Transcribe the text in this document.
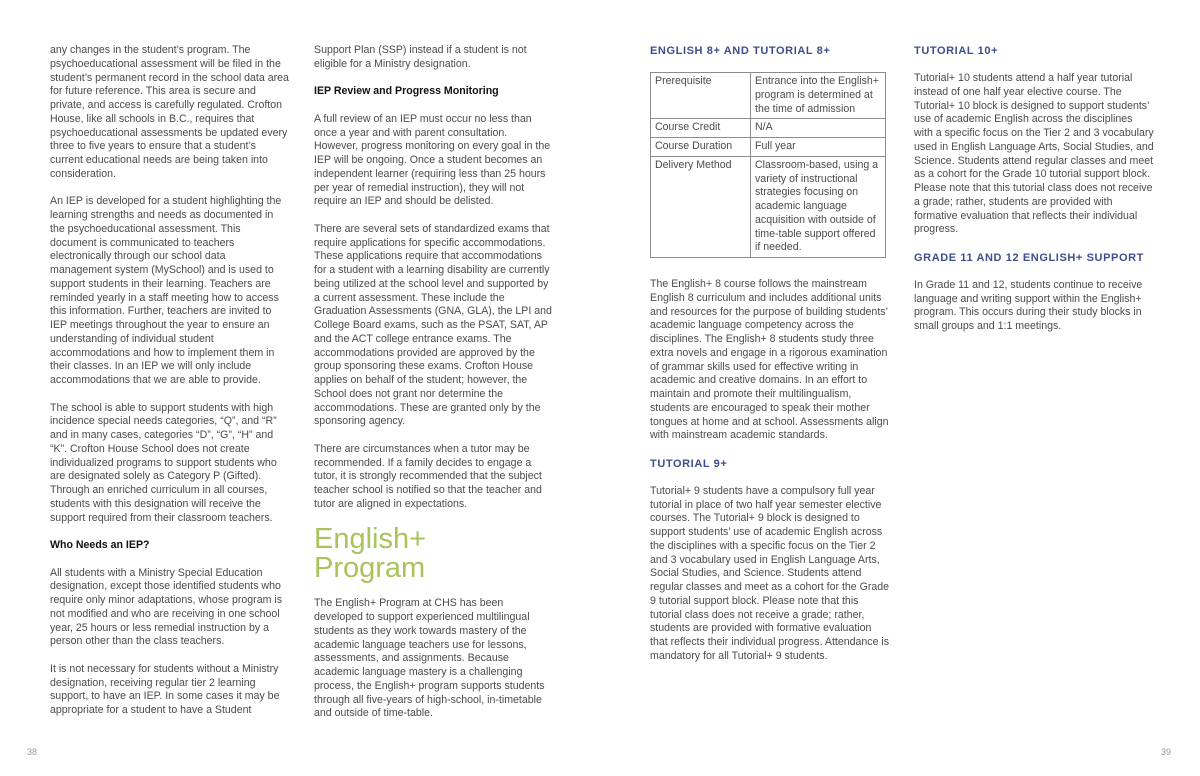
any changes in the student’s program. The psychoeducational assessment will be filed in the student’s permanent record in the school data area for future reference. This area is secure and private, and access is carefully regulated. Crofton House, like all schools in B.C., requires that psychoeducational assessments be updated every three to five years to ensure that a student’s current educational needs are being taken into consideration.

An IEP is developed for a student highlighting the learning strengths and needs as documented in the psychoeducational assessment. This document is communicated to teachers electronically through our school data management system (MySchool) and is used to support students in their learning. Teachers are reminded yearly in a staff meeting how to access this information. Further, teachers are invited to IEP meetings throughout the year to ensure an understanding of individual student accommodations and how to implement them in their classes. In an IEP we will only include accommodations that we are able to provide.

The school is able to support students with high incidence special needs categories, “Q”, and “R” and in many cases, categories “D”, “G”, “H” and “K”. Crofton House School does not create individualized programs to support students who are designated solely as Category P (Gifted). Through an enriched curriculum in all courses, students with this designation will receive the support required from their classroom teachers.

Who Needs an IEP?

All students with a Ministry Special Education designation, except those identified students who require only minor adaptations, whose program is not modified and who are receiving in one school year, 25 hours or less remedial instruction by a person other than the class teachers.

It is not necessary for students without a Ministry designation, receiving regular tier 2 learning support, to have an IEP. In some cases it may be appropriate for a student to have a Student

Support Plan (SSP) instead if a student is not eligible for a Ministry designation.

IEP Review and Progress Monitoring

A full review of an IEP must occur no less than once a year and with parent consultation. However, progress monitoring on every goal in the IEP will be ongoing. Once a student becomes an independent learner (requiring less than 25 hours per year of remedial instruction), they will not require an IEP and should be delisted.

There are several sets of standardized exams that require applications for specific accommodations. These applications require that accommodations for a student with a learning disability are currently being utilized at the school level and supported by a current assessment. These include the Graduation Assessments (GNA, GLA), the LPI and College Board exams, such as the PSAT, SAT, AP and the ACT college entrance exams. The accommodations provided are approved by the group sponsoring these exams. Crofton House applies on behalf of the student; however, the School does not grant nor determine the accommodations. These are granted only by the sponsoring agency.

There are circumstances when a tutor may be recommended. If a family decides to engage a tutor, it is strongly recommended that the subject teacher school is notified so that the teacher and tutor are aligned in expectations.

English+
Program

The English+ Program at CHS has been developed to support experienced multilingual students as they work towards mastery of the academic language teachers use for lessons, assessments, and assignments. Because academic language mastery is a challenging process, the English+ program supports students through all five-years of high-school, in-timetable and outside of time-table.

ENGLISH 8+ AND TUTORIAL 8+
Prerequisite	Entrance into the English+ program is determined at the time of admission
Course Credit	N/A
Course Duration	Full year
Delivery Method	Classroom-based, using a variety of instructional strategies focusing on academic language acquisition with outside of time-table support offered if needed.

The English+ 8 course follows the mainstream English 8 curriculum and includes additional units and resources for the purpose of building students’ academic language competency across the disciplines. The English+ 8 students study three extra novels and engage in a rigorous examination of grammar skills used for effective writing in academic and creative domains. In an effort to maintain and promote their multilingualism, students are encouraged to speak their mother tongues at home and at school. Assessments align with mainstream academic standards.

TUTORIAL 9+

Tutorial+ 9 students have a compulsory full year tutorial in place of two half year semester elective courses. The Tutorial+ 9 block is designed to support students’ use of academic English across the disciplines with a specific focus on the Tier 2 and 3 vocabulary used in English Language Arts, Social Studies, and Science. Students attend regular classes and meet as a cohort for the Grade 9 tutorial support block. Please note that this tutorial class does not receive a grade; rather, students are provided with formative evaluation that reflects their individual progress. Attendance is mandatory for all Tutorial+ 9 students.

TUTORIAL 10+

Tutorial+ 10 students attend a half year tutorial instead of one half year elective course. The Tutorial+ 10 block is designed to support students’ use of academic English across the disciplines with a specific focus on the Tier 2 and 3 vocabulary used in English Language Arts, Social Studies, and Science. Students attend regular classes and meet as a cohort for the Grade 10 tutorial support block. Please note that this tutorial class does not receive a grade; rather, students are provided with formative evaluation that reflects their individual progress.

GRADE 11 AND 12 ENGLISH+ SUPPORT

In Grade 11 and 12, students continue to receive language and writing support within the English+ program. This occurs during their study blocks in small groups and 1:1 meetings.

38	39
